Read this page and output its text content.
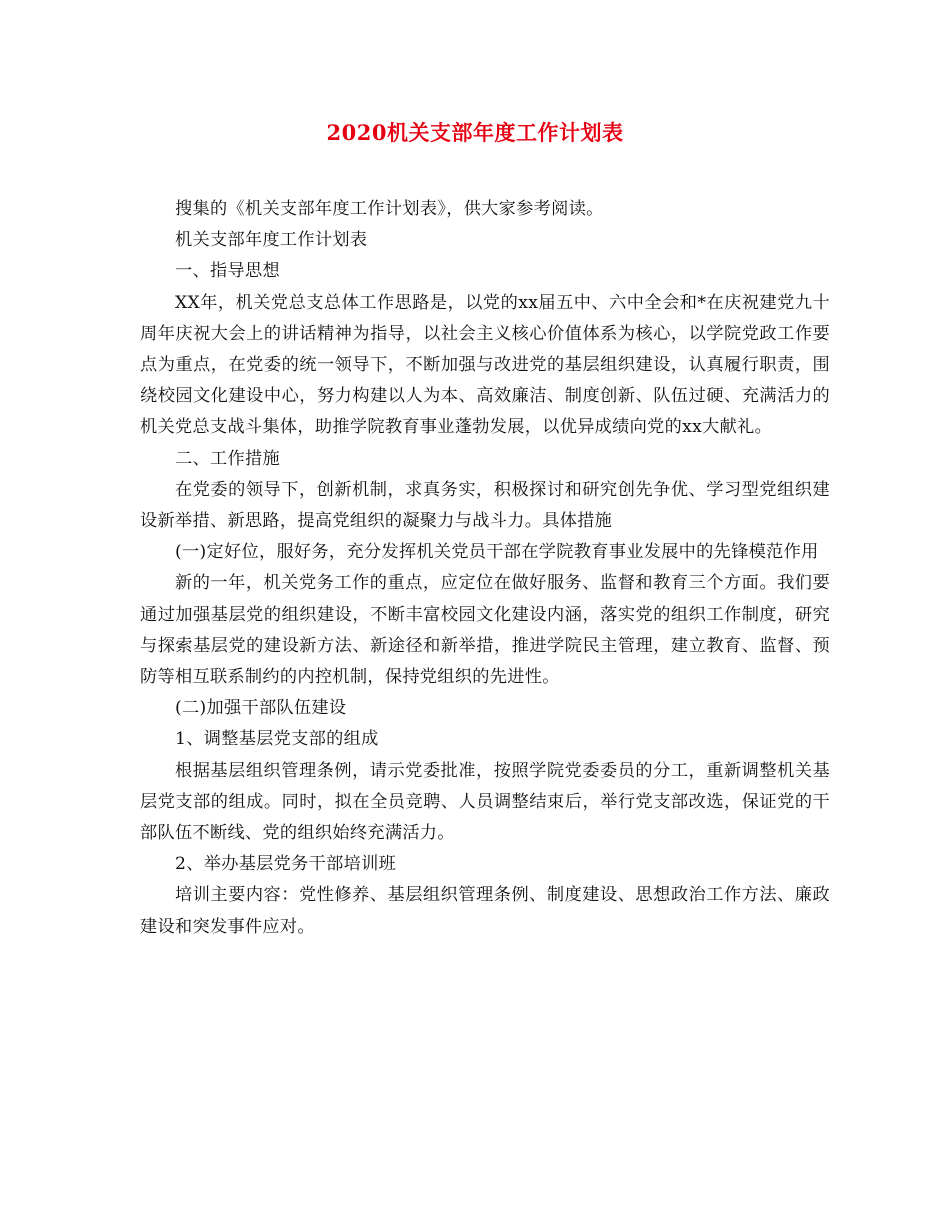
2020机关支部年度工作计划表

搜集的《机关支部年度工作计划表》，供大家参考阅读。

机关支部年度工作计划表

一、指导思想

XX年，机关党总支总体工作思路是，以党的xx届五中、六中全会和*在庆祝建党九十周年庆祝大会上的讲话精神为指导，以社会主义核心价值体系为核心，以学院党政工作要点为重点，在党委的统一领导下，不断加强与改进党的基层组织建设，认真履行职责，围绕校园文化建设中心，努力构建以人为本、高效廉洁、制度创新、队伍过硬、充满活力的机关党总支战斗集体，助推学院教育事业蓬勃发展，以优异成绩向党的xx大献礼。

二、工作措施

在党委的领导下，创新机制，求真务实，积极探讨和研究创先争优、学习型党组织建设新举措、新思路，提高党组织的凝聚力与战斗力。具体措施

(一)定好位，服好务，充分发挥机关党员干部在学院教育事业发展中的先锋模范作用

新的一年，机关党务工作的重点，应定位在做好服务、监督和教育三个方面。我们要通过加强基层党的组织建设，不断丰富校园文化建设内涵，落实党的组织工作制度，研究与探索基层党的建设新方法、新途径和新举措，推进学院民主管理，建立教育、监督、预防等相互联系制约的内控机制，保持党组织的先进性。

(二)加强干部队伍建设

1、调整基层党支部的组成

根据基层组织管理条例，请示党委批准，按照学院党委委员的分工，重新调整机关基层党支部的组成。同时，拟在全员竞聘、人员调整结束后，举行党支部改选，保证党的干部队伍不断线、党的组织始终充满活力。

2、举办基层党务干部培训班

培训主要内容：党性修养、基层组织管理条例、制度建设、思想政治工作方法、廉政建设和突发事件应对。
